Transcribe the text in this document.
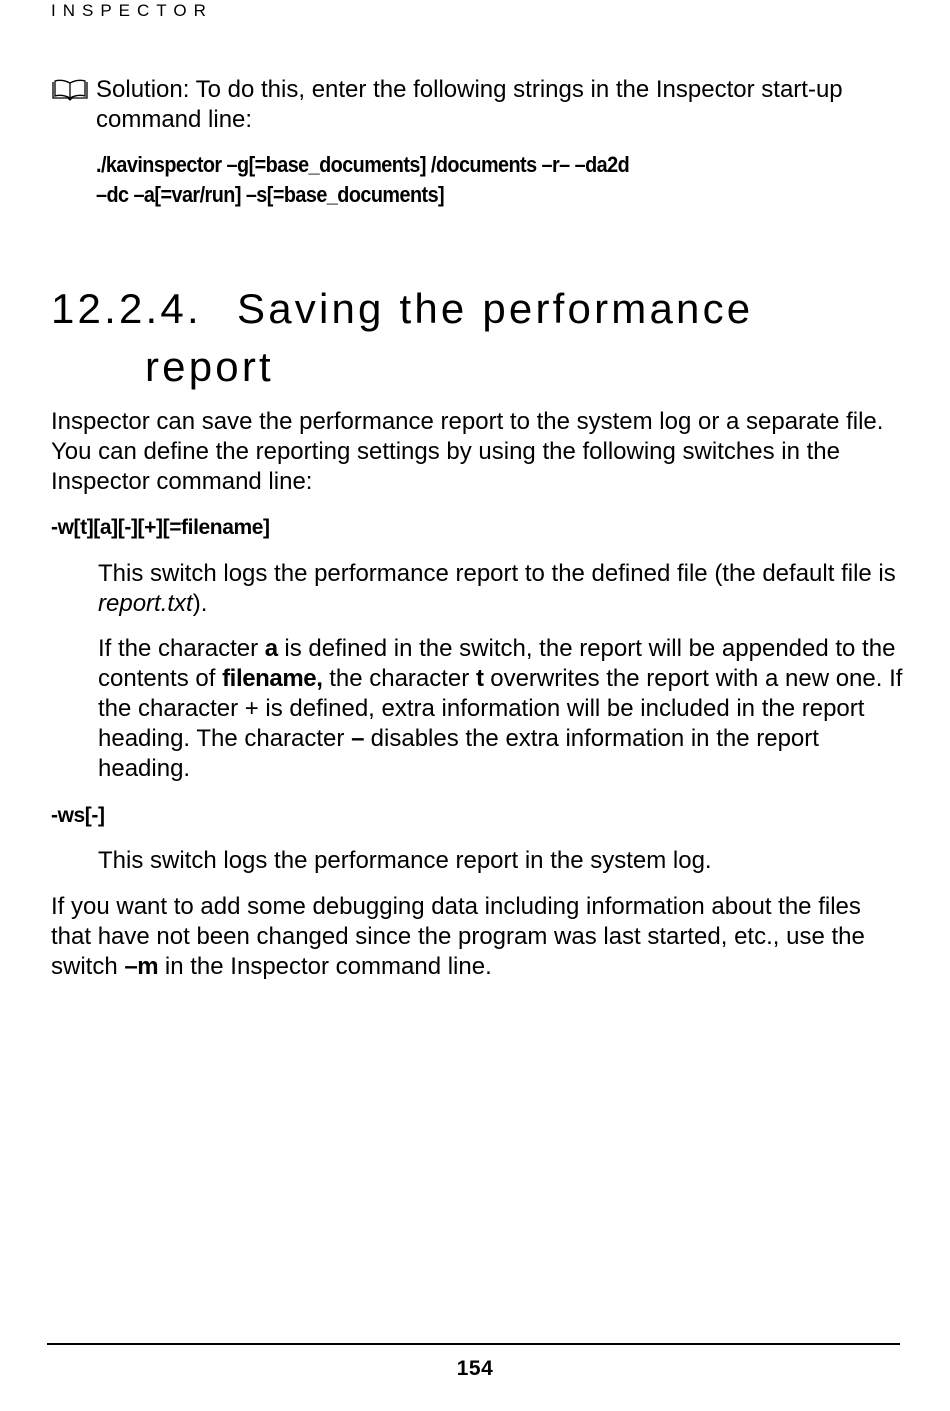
INSPECTOR
Solution: To do this, enter the following strings in the Inspector start-up command line:
./kavinspector –g[=base_documents] /documents –r– –da2d
–dc –a[=var/run] –s[=base_documents]
12.2.4. Saving the performance
report
Inspector can save the performance report to the system log or a separate file. You can define the reporting settings by using the following switches in the Inspector command line:
-w[t][a][-][+][=filename]
This switch logs the performance report to the defined file (the default file is report.txt).
If the character a is defined in the switch, the report will be appended to the contents of filename, the character t overwrites the report with a new one. If the character + is defined, extra information will be included in the report heading. The character – disables the extra information in the report heading.
-ws[-]
This switch logs the performance report in the system log.
If you want to add some debugging data including information about the files that have not been changed since the program was last started, etc., use the switch –m in the Inspector command line.
154
